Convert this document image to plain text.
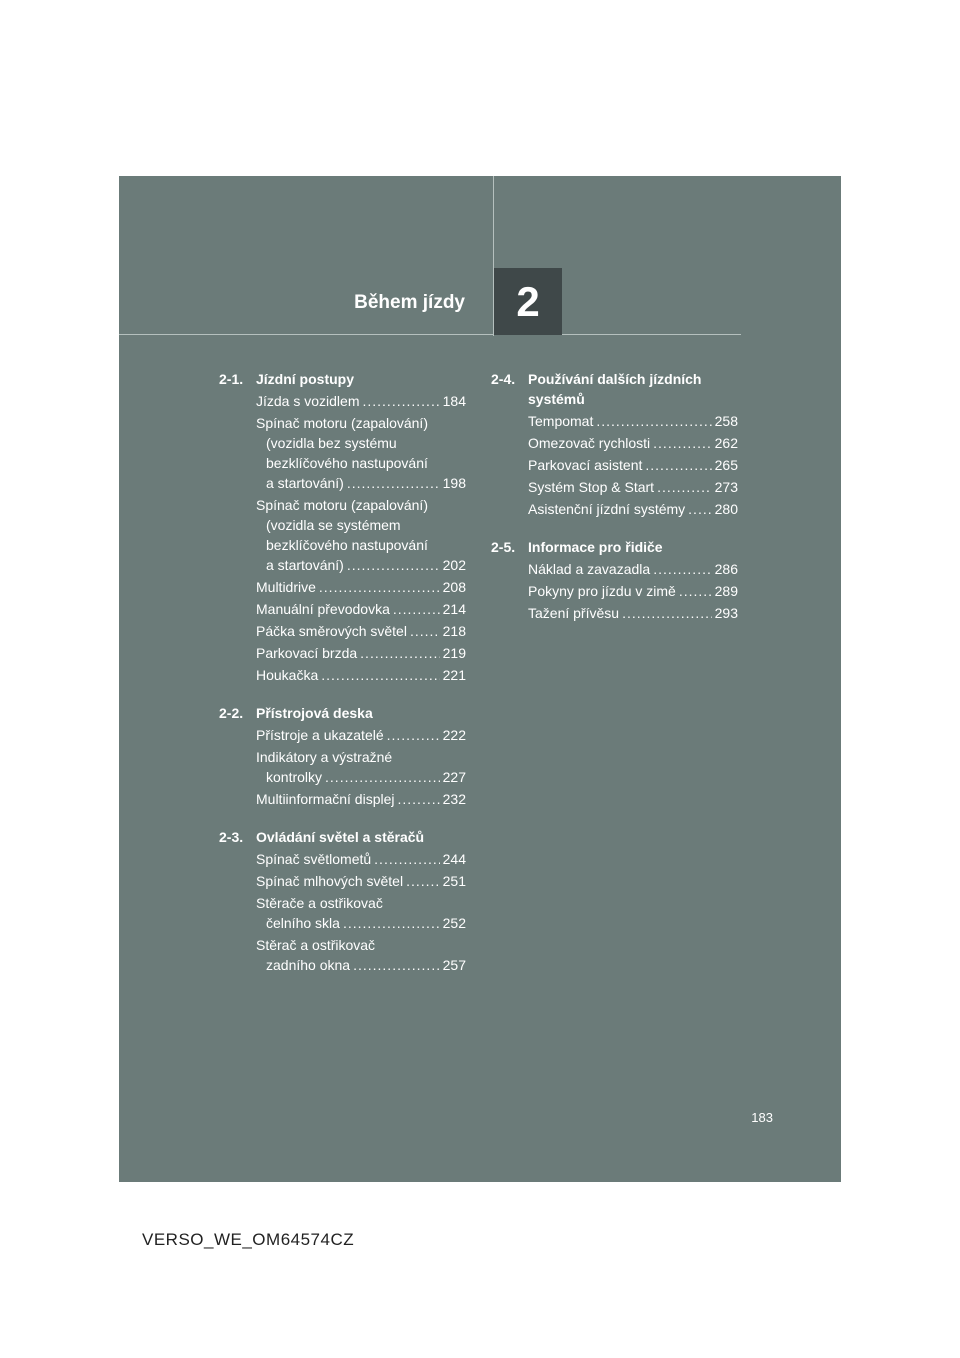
Během jízdy 2
2-1. Jízdní postupy
Jízda s vozidlem .....	184
Spínač motoru (zapalování)
(vozidla bez systému
bezklíčového nastupování
a startování) .....	198
Spínač motoru (zapalování)
(vozidla se systémem
bezklíčového nastupování
a startování) .....	202
Multidrive .....	208
Manuální převodovka .....	214
Páčka směrových světel .....	218
Parkovací brzda .....	219
Houkačka .....	221
2-2. Přístrojová deska
Přístroje a ukazatelé .....	222
Indikátory a výstražné
kontrolky .....	227
Multiinformační displej .....	232
2-3. Ovládání světel a stěračů
Spínač světlometů .....	244
Spínač mlhových světel .....	251
Stěrače a ostřikovač
čelního skla .....	252
Stěrač a ostřikovač
zadního okna .....	257
2-4. Používání dalších jízdních systémů
Tempomat .....	258
Omezovač rychlosti .....	262
Parkovací asistent .....	265
Systém Stop & Start .....	273
Asistenční jízdní systémy ..... 280
2-5. Informace pro řidiče
Náklad a zavazadla .....	286
Pokyny pro jízdu v zimě .....	289
Tažení přívěsu .....	293
183
VERSO_WE_OM64574CZ
